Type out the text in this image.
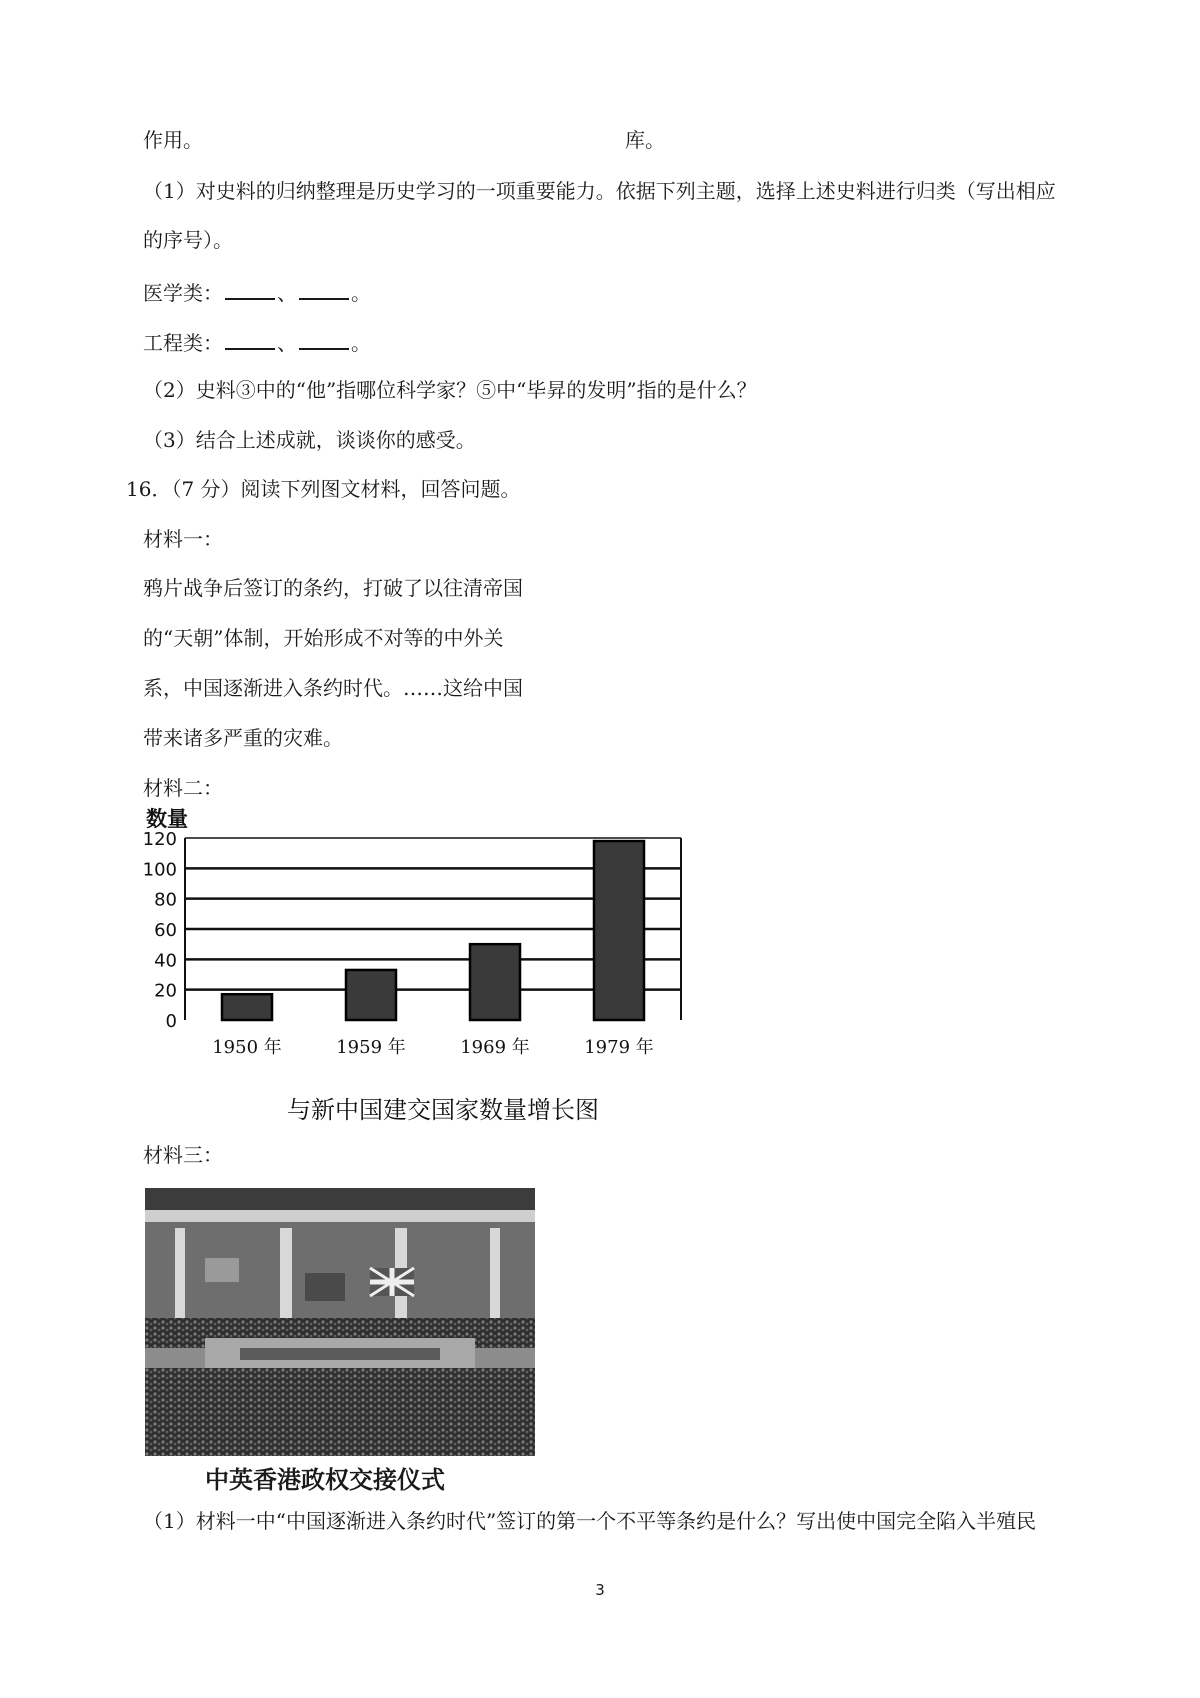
作用。	库。
（1）对史料的归纳整理是历史学习的一项重要能力。依据下列主题，选择上述史料进行归类（写出相应
的序号）。
医学类：	、	。
工程类：	、	。
（2）史料③中的“他”指哪位科学家？⑤中“毕昇的发明”指的是什么？
（3）结合上述成就，谈谈你的感受。
16．（7 分）阅读下列图文材料，回答问题。
材料一：
鸦片战争后签订的条约，打破了以往清帝国
的“天朝”体制，开始形成不对等的中外关
系，中国逐渐进入条约时代。……这给中国
带来诸多严重的灾难。
材料二：
数量
0
20
40
60
80
100
120
1950 年	1959 年	1969 年	1979 年
与新中国建交国家数量增长图
材料三：
中英香港政权交接仪式
（1）材料一中“中国逐渐进入条约时代”签订的第一个不平等条约是什么？写出使中国完全陷入半殖民
3
